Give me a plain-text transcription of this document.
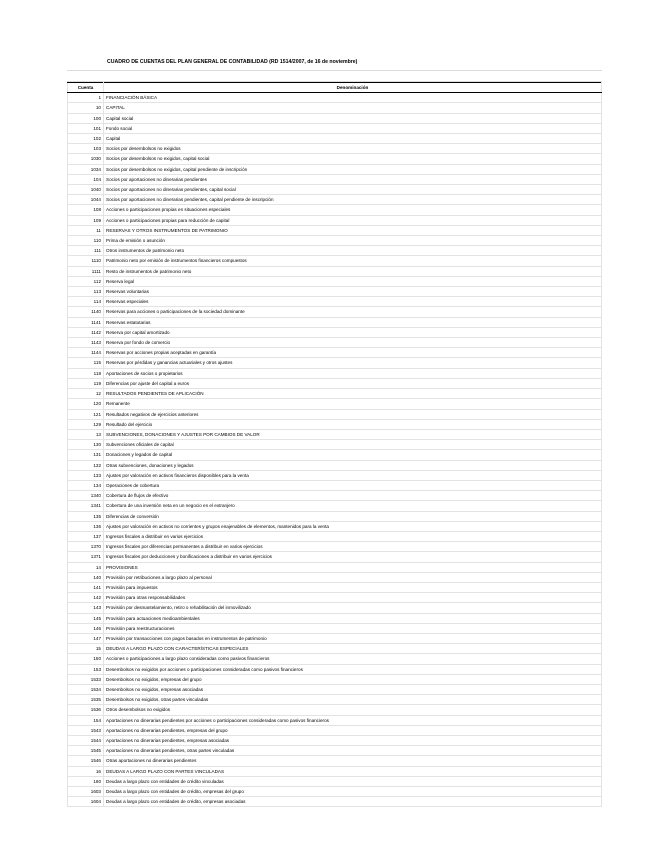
CUADRO DE CUENTAS DEL PLAN GENERAL DE CONTABILIDAD (RD 1514/2007, de 16 de noviembre)
Cuenta	Denominación
1	FINANCIACIÓN BÁSICA
10	CAPITAL
100	Capital social
101	Fondo social
102	Capital
103	Socios por desembolsos no exigidos
1030	Socios por desembolsos no exigidos, capital social
1034	Socios por desembolsos no exigidos, capital pendiente de inscripción
104	Socios por aportaciones no dinerarias pendientes
1040	Socios por aportaciones no dinerarias pendientes, capital social
1044	Socios por aportaciones no dinerarias pendientes, capital pendiente de inscripción
108	Acciones o participaciones propias en situaciones especiales
109	Acciones o participaciones propias para reducción de capital
11	RESERVAS Y OTROS INSTRUMENTOS DE PATRIMONIO
110	Prima de emisión o asunción
111	Otros instrumentos de patrimonio neto
1110	Patrimonio neto por emisión de instrumentos financieros compuestos
1111	Resto de instrumentos de patrimonio neto
112	Reserva legal
113	Reservas voluntarias
114	Reservas especiales
1140	Reservas para acciones o participaciones de la sociedad dominante
1141	Reservas estatutarias
1142	Reserva por capital amortizado
1143	Reserva por fondo de comercio
1144	Reservas por acciones propias aceptadas en garantía
115	Reservas por pérdidas y ganancias actuariales y otros ajustes
118	Aportaciones de socios o propietarios
119	Diferencias por ajuste del capital a euros
12	RESULTADOS PENDIENTES DE APLICACIÓN
120	Remanente
121	Resultados negativos de ejercicios anteriores
129	Resultado del ejercicio
13	SUBVENCIONES, DONACIONES Y AJUSTES POR CAMBIOS DE VALOR
130	Subvenciones oficiales de capital
131	Donaciones y legados de capital
132	Otras subvenciones, donaciones y legados
133	Ajustes por valoración en activos financieros disponibles para la venta
134	Operaciones de cobertura
1340	Cobertura de flujos de efectivo
1341	Cobertura de una inversión neta en un negocio en el extranjero
135	Diferencias de conversión
136	Ajustes por valoración en activos no corrientes y grupos enajenables de elementos, mantenidos para la venta
137	Ingresos fiscales a distribuir en varios ejercicios
1370	Ingresos fiscales por diferencias permanentes a distribuir en varios ejercicios
1371	Ingresos fiscales por deducciones y bonificaciones a distribuir en varios ejercicios
14	PROVISIONES
140	Provisión por retribuciones a largo plazo al personal
141	Provisión para impuestos
142	Provisión para otras responsabilidades
143	Provisión por desmantelamiento, retiro o rehabilitación del inmovilizado
145	Provisión para actuaciones medioambientales
146	Provisión para reestructuraciones
147	Provisión por transacciones con pagos basados en instrumentos de patrimonio
15	DEUDAS A LARGO PLAZO CON CARACTERÍSTICAS ESPECIALES
150	Acciones o participaciones a largo plazo consideradas como pasivos financieros
153	Desembolsos no exigidos por acciones o participaciones consideradas como pasivos financieros
1533	Desembolsos no exigidos, empresas del grupo
1534	Desembolsos no exigidos, empresas asociadas
1535	Desembolsos no exigidos, otras partes vinculadas
1536	Otros desembolsos no exigidos
154	Aportaciones no dinerarias pendientes por acciones o participaciones consideradas como pasivos financieros
1543	Aportaciones no dinerarias pendientes, empresas del grupo
1544	Aportaciones no dinerarias pendientes, empresas asociadas
1545	Aportaciones no dinerarias pendientes, otras partes vinculadas
1546	Otras aportaciones no dinerarias pendientes
16	DEUDAS A LARGO PLAZO CON PARTES VINCULADAS
160	Deudas a largo plazo con entidades de crédito vinculadas
1603	Deudas a largo plazo con entidades de crédito, empresas del grupo
1604	Deudas a largo plazo con entidades de crédito, empresas asociadas
